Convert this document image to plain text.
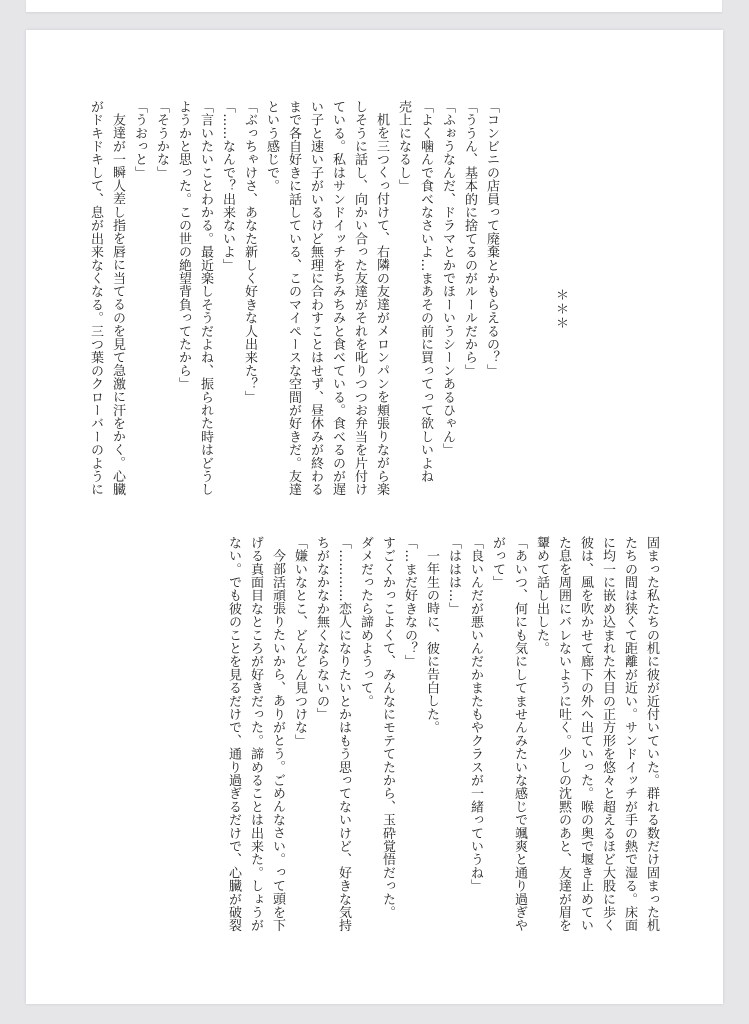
「コンビニの店員って廃棄とかもらえるの？」

「ううん、基本的に捨てるのがルールだから」

「ふぉうなんだ、ドラマとかでほーいうシーンあるひゃん」

「よく噛んで食べなさいよ…まあその前に買ってって欲しいよね

売上になるし」

机を三つくっ付けて、右隣の友達がメロンパンを頬張りながら楽

しそうに話し、向かい合った友達がそれを叱りつつお弁当を片付け

ている。私はサンドイッチをちみちみと食べている。食べるのが遅

い子と速い子がいるけど無理に合わすことはせず、昼休みが終わる

まで各自好きに話している、このマイペースな空間が好きだ。友達

という感じで。

「ぶっちゃけさ、あなた新しく好きな人出来た？」

「……なんで？出来ないよ」

「言いたいことわかる。最近楽しそうだよね、振られた時はどうし

ようかと思った。この世の絶望背負ってたから」

「そうかな」

「うおっと」

友達が一瞬人差し指を唇に当てるのを見て急激に汗をかく。心臓

がドキドキして、息が出来なくなる。三つ葉のクローバーのように	＊＊＊

固まった私たちの机に彼が近付いていた。群れる数だけ固まった机

たちの間は狭くて距離が近い。サンドイッチが手の熱で湿る。床面

に均一に嵌め込まれた木目の正方形を悠々と超えるほど大股に歩く

彼は、風を吹かせて廊下の外へ出ていった。喉の奥で堰き止めてい

た息を周囲にバレないように吐く。少しの沈黙のあと、友達が眉を

顰めて話し出した。

「あいつ、何にも気にしてませんみたいな感じで颯爽と通り過ぎや

がって」

「良いんだが悪いんだかまたもやクラスが一緒っていうね」

「ははは…」

一年生の時に、彼に告白した。

「…まだ好きなの？」

すごくかっこよくて、みんなにモテてたから、玉砕覚悟だった。

ダメだったら諦めようって。

「…………恋人になりたいとかはもう思ってないけど、好きな気持

ちがなかなか無くならないの」

「嫌いなとこ、どんどん見つけな」

今部活頑張りたいから、ありがとう。ごめんなさい。って頭を下

げる真面目なところが好きだった。諦めることは出来た。しょうが

ない。でも彼のことを見るだけで、通り過ぎるだけで、心臓が破裂
